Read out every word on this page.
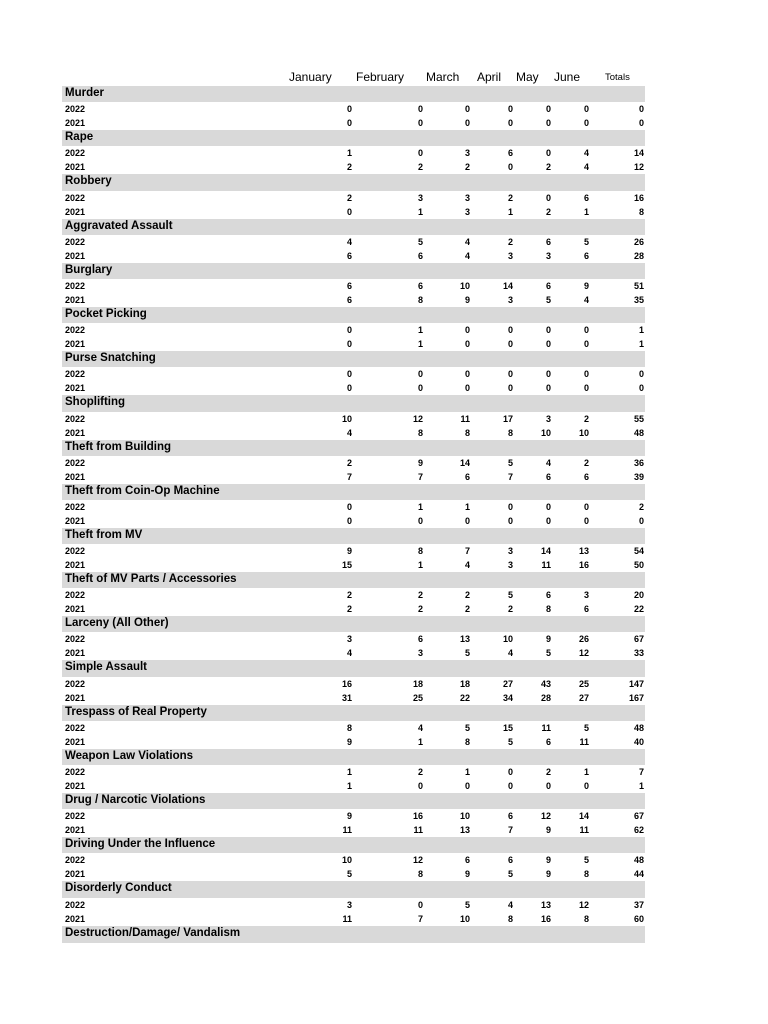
January February March April May June	Totals
Murder
2022	0	0	0	0	0	0	0
2021	0	0	0	0	0	0	0
Rape
2022	1	0	3	6	0	4	14
2021	2	2	2	0	2	4	12
Robbery
2022	2	3	3	2	0	6	16
2021	0	1	3	1	2	1	8
Aggravated Assault
2022	4	5	4	2	6	5	26
2021	6	6	4	3	3	6	28
Burglary
2022	6	6	10	14	6	9	51
2021	6	8	9	3	5	4	35
Pocket Picking
2022	0	1	0	0	0	0	1
2021	0	1	0	0	0	0	1
Purse Snatching
2022	0	0	0	0	0	0	0
2021	0	0	0	0	0	0	0
Shoplifting
2022	10	12	11	17	3	2	55
2021	4	8	8	8	10	10	48
Theft from Building
2022	2	9	14	5	4	2	36
2021	7	7	6	7	6	6	39
Theft from Coin-Op Machine
2022	0	1	1	0	0	0	2
2021	0	0	0	0	0	0	0
Theft from MV
2022	9	8	7	3	14	13	54
2021	15	1	4	3	11	16	50
Theft of MV Parts / Accessories
2022	2	2	2	5	6	3	20
2021	2	2	2	2	8	6	22
Larceny (All Other)
2022	3	6	13	10	9	26	67
2021	4	3	5	4	5	12	33
Simple Assault
2022	16	18	18	27	43	25	147
2021	31	25	22	34	28	27	167
Trespass of Real Property
2022	8	4	5	15	11	5	48
2021	9	1	8	5	6	11	40
Weapon Law Violations
2022	1	2	1	0	2	1	7
2021	1	0	0	0	0	0	1
Drug / Narcotic Violations
2022	9	16	10	6	12	14	67
2021	11	11	13	7	9	11	62
Driving Under the Influence
2022	10	12	6	6	9	5	48
2021	5	8	9	5	9	8	44
Disorderly Conduct
2022	3	0	5	4	13	12	37
2021	11	7	10	8	16	8	60
Destruction/Damage/ Vandalism
